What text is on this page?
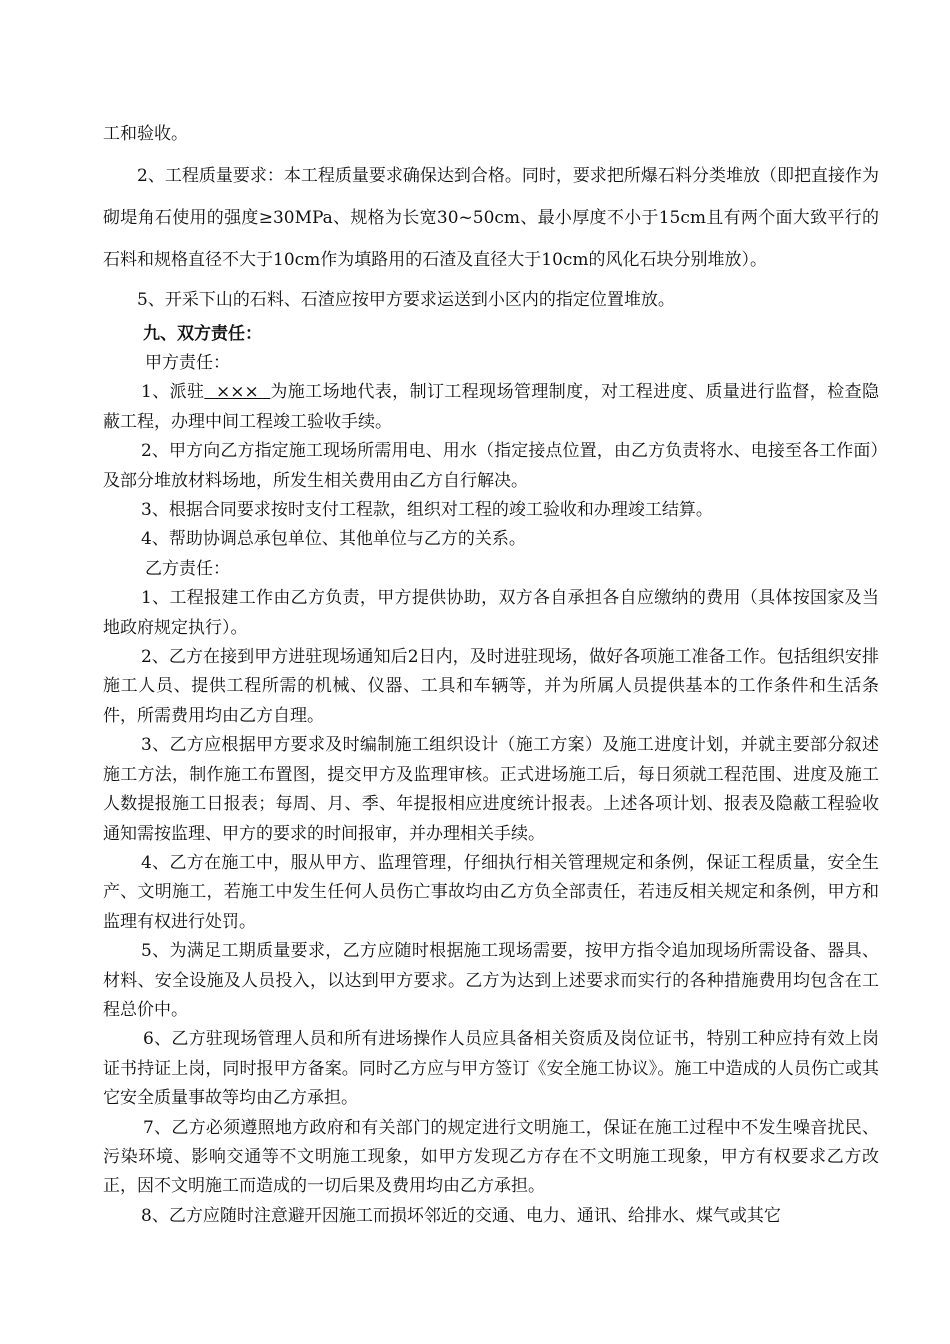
工和验收。

2、工程质量要求：本工程质量要求确保达到合格。同时，要求把所爆石料分类堆放（即把直接作为砌堤角石使用的强度≥30MPa、规格为长宽30~50cm、最小厚度不小于15cm且有两个面大致平行的石料和规格直径不大于10cm作为填路用的石渣及直径大于10cm的风化石块分别堆放）。

5、开采下山的石料、石渣应按甲方要求运送到小区内的指定位置堆放。

九、双方责任：

甲方责任：

1、派驻  ×××  为施工场地代表，制订工程现场管理制度，对工程进度、质量进行监督，检查隐蔽工程，办理中间工程竣工验收手续。

2、甲方向乙方指定施工现场所需用电、用水（指定接点位置，由乙方负责将水、电接至各工作面）及部分堆放材料场地，所发生相关费用由乙方自行解决。

3、根据合同要求按时支付工程款，组织对工程的竣工验收和办理竣工结算。

4、帮助协调总承包单位、其他单位与乙方的关系。

乙方责任：

1、工程报建工作由乙方负责，甲方提供协助，双方各自承担各自应缴纳的费用（具体按国家及当地政府规定执行）。

2、乙方在接到甲方进驻现场通知后2日内，及时进驻现场，做好各项施工准备工作。包括组织安排施工人员、提供工程所需的机械、仪器、工具和车辆等，并为所属人员提供基本的工作条件和生活条件，所需费用均由乙方自理。

3、乙方应根据甲方要求及时编制施工组织设计（施工方案）及施工进度计划，并就主要部分叙述施工方法，制作施工布置图，提交甲方及监理审核。正式进场施工后，每日须就工程范围、进度及施工人数提报施工日报表；每周、月、季、年提报相应进度统计报表。上述各项计划、报表及隐蔽工程验收通知需按监理、甲方的要求的时间报审，并办理相关手续。

4、乙方在施工中，服从甲方、监理管理，仔细执行相关管理规定和条例，保证工程质量，安全生产、文明施工，若施工中发生任何人员伤亡事故均由乙方负全部责任，若违反相关规定和条例，甲方和监理有权进行处罚。

5、为满足工期质量要求，乙方应随时根据施工现场需要，按甲方指令追加现场所需设备、器具、材料、安全设施及人员投入，以达到甲方要求。乙方为达到上述要求而实行的各种措施费用均包含在工程总价中。

6、乙方驻现场管理人员和所有进场操作人员应具备相关资质及岗位证书，特别工种应持有效上岗证书持证上岗，同时报甲方备案。同时乙方应与甲方签订《安全施工协议》。施工中造成的人员伤亡或其它安全质量事故等均由乙方承担。

7、乙方必须遵照地方政府和有关部门的规定进行文明施工，保证在施工过程中不发生噪音扰民、污染环境、影响交通等不文明施工现象，如甲方发现乙方存在不文明施工现象，甲方有权要求乙方改正，因不文明施工而造成的一切后果及费用均由乙方承担。

8、乙方应随时注意避开因施工而损坏邻近的交通、电力、通讯、给排水、煤气或其它
